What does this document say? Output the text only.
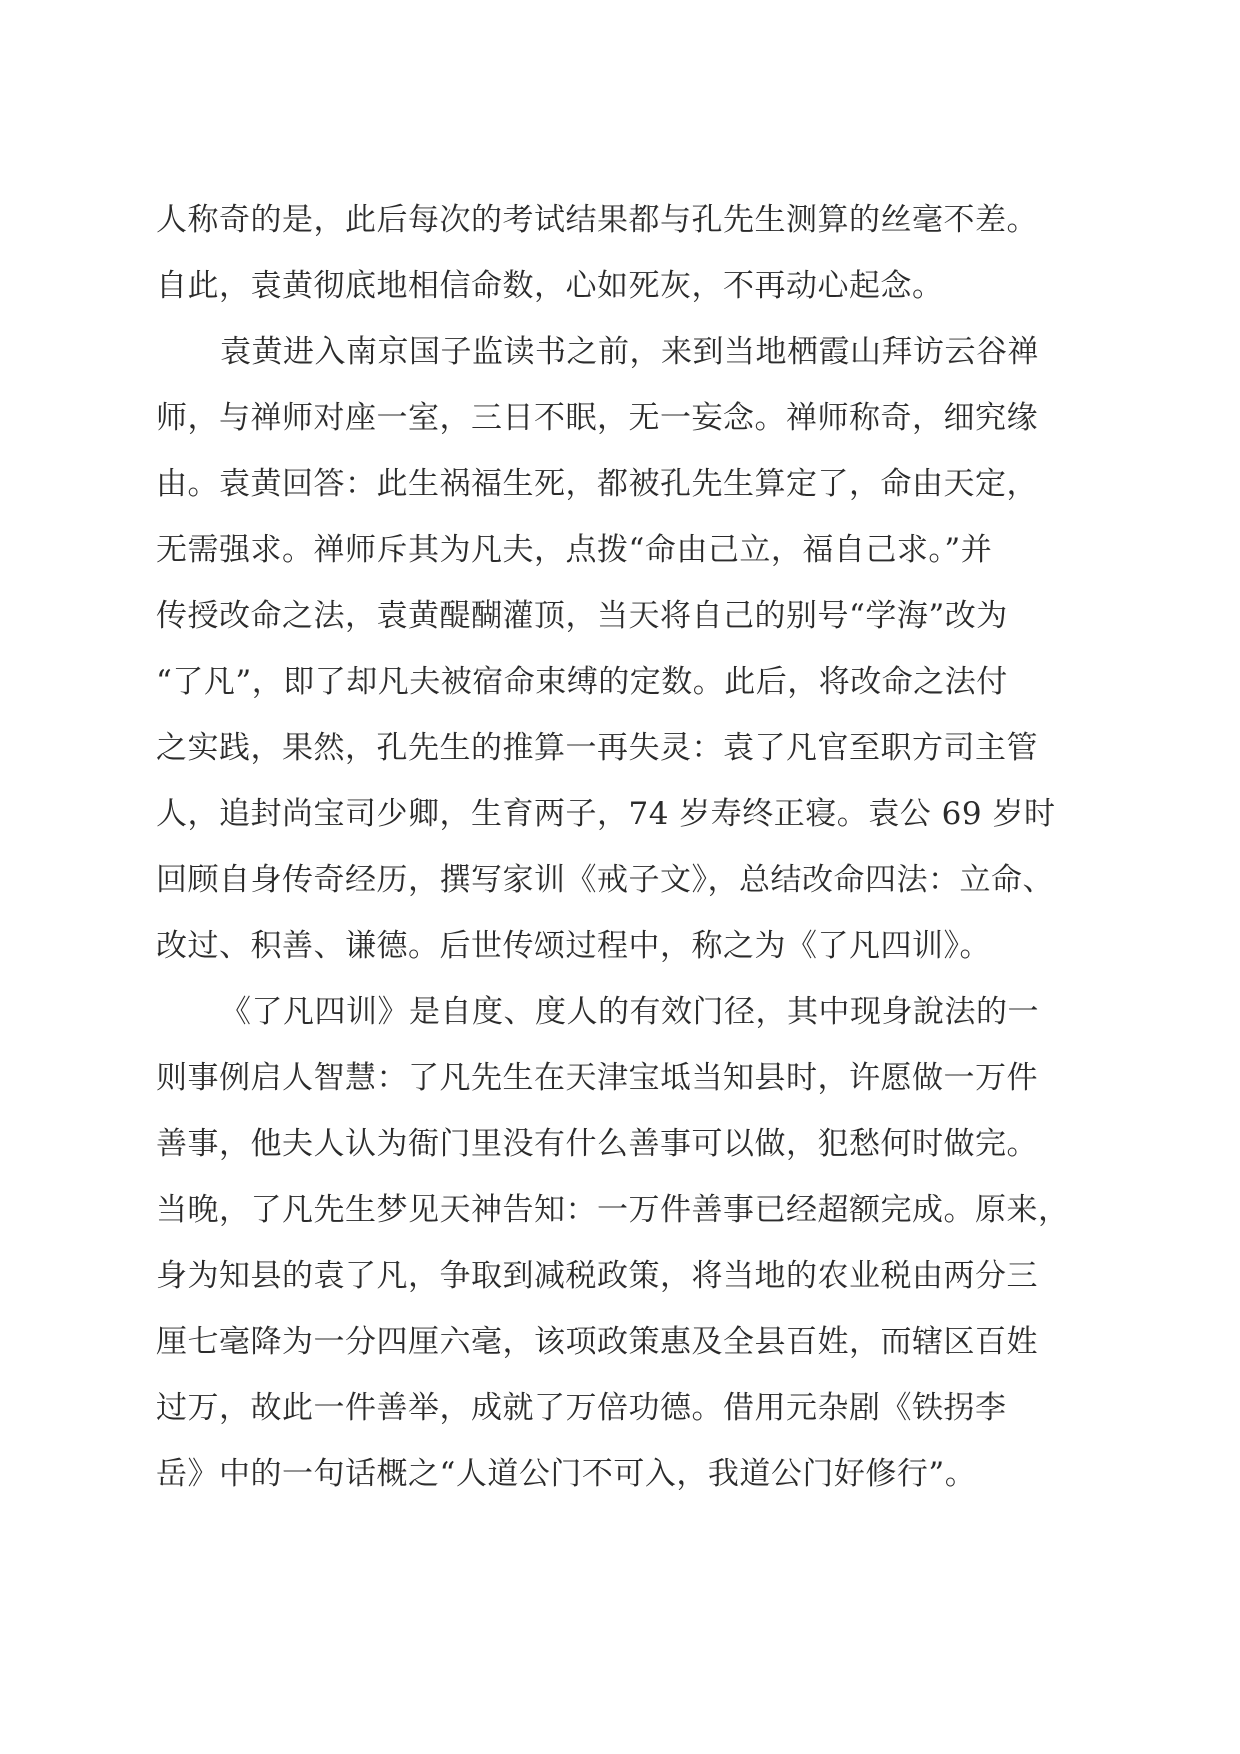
人称奇的是，此后每次的考试结果都与孔先生测算的丝毫不差。
自此，袁黄彻底地相信命数，心如死灰，不再动心起念。
袁黄进入南京国子监读书之前，来到当地栖霞山拜访云谷禅
师，与禅师对座一室，三日不眠，无一妄念。禅师称奇，细究缘
由。袁黄回答：此生祸福生死，都被孔先生算定了，命由天定，
无需强求。禅师斥其为凡夫，点拨“命由己立，福自己求。”并
传授改命之法，袁黄醍醐灌顶，当天将自己的别号“学海”改为
“了凡”，即了却凡夫被宿命束缚的定数。此后，将改命之法付
之实践，果然，孔先生的推算一再失灵：袁了凡官至职方司主管
人，追封尚宝司少卿，生育两子，74 岁寿终正寝。袁公 69 岁时
回顾自身传奇经历，撰写家训《戒子文》，总结改命四法：立命、
改过、积善、谦德。后世传颂过程中，称之为《了凡四训》。
《了凡四训》是自度、度人的有效门径，其中现身說法的一
则事例启人智慧：了凡先生在天津宝坻当知县时，许愿做一万件
善事，他夫人认为衙门里没有什么善事可以做，犯愁何时做完。
当晚，了凡先生梦见天神告知：一万件善事已经超额完成。原来，
身为知县的袁了凡，争取到减税政策，将当地的农业税由两分三
厘七毫降为一分四厘六毫，该项政策惠及全县百姓，而辖区百姓
过万，故此一件善举，成就了万倍功德。借用元杂剧《铁拐李
岳》中的一句话概之“人道公门不可入，我道公门好修行”。
